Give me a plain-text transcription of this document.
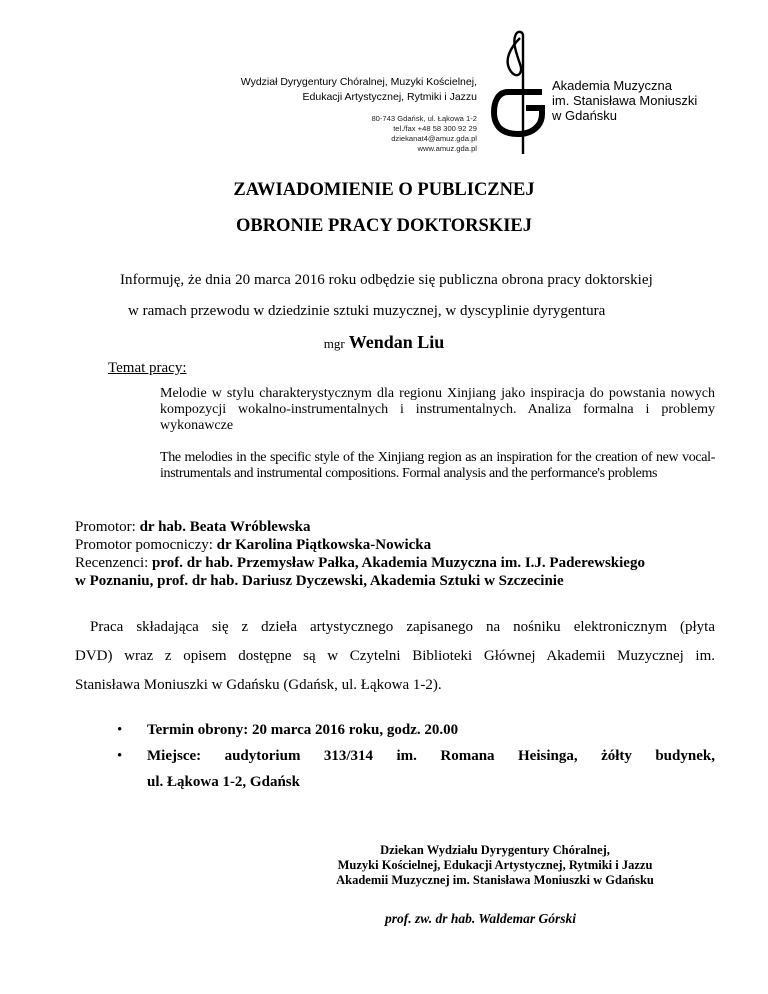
Wydział Dyrygentury Chóralnej, Muzyki Kościelnej,
Edukacji Artystycznej, Rytmiki i Jazzu
80-743 Gdańsk, ul. Łąkowa 1-2
tel./fax +48 58 300 92 29
dziekanat4@amuz.gda.pl
www.amuz.gda.pl
Akademia Muzyczna
im. Stanisława Moniuszki
w Gdańsku
ZAWIADOMIENIE O PUBLICZNEJ
OBRONIE PRACY DOKTORSKIEJ
Informuję, że dnia 20 marca 2016 roku odbędzie się publiczna obrona pracy doktorskiej
w ramach przewodu w dziedzinie sztuki muzycznej, w dyscyplinie dyrygentura
mgr Wendan Liu
Temat pracy:
Melodie w stylu charakterystycznym dla regionu Xinjiang jako inspiracja do powstania nowych kompozycji wokalno-instrumentalnych i instrumentalnych. Analiza formalna i problemy wykonawcze
The melodies in the specific style of the Xinjiang region as an inspiration for the creation of new vocal-instrumentals and instrumental compositions. Formal analysis and the performance's problems
Promotor: dr hab. Beata Wróblewska
Promotor pomocniczy: dr Karolina Piątkowska-Nowicka
Recenzenci: prof. dr hab. Przemysław Pałka, Akademia Muzyczna im. I.J. Paderewskiego
w Poznaniu, prof. dr hab. Dariusz Dyczewski, Akademia Sztuki w Szczecinie
Praca składająca się z dzieła artystycznego zapisanego na nośniku elektronicznym (płyta
DVD) wraz z opisem dostępne są w Czytelni Biblioteki Głównej Akademii Muzycznej im.
Stanisława Moniuszki w Gdańsku (Gdańsk, ul. Łąkowa 1-2).
• Termin obrony: 20 marca 2016 roku, godz. 20.00
• Miejsce: audytorium 313/314 im. Romana Heisinga, żółty budynek,
ul. Łąkowa 1-2, Gdańsk
Dziekan Wydziału Dyrygentury Chóralnej,
Muzyki Kościelnej, Edukacji Artystycznej, Rytmiki i Jazzu
Akademii Muzycznej im. Stanisława Moniuszki w Gdańsku
prof. zw. dr hab. Waldemar Górski
